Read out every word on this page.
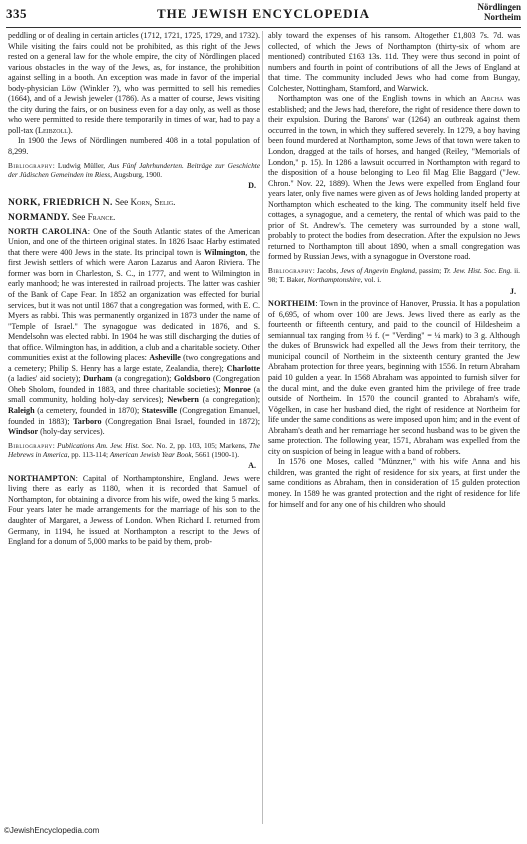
335	THE JEWISH ENCYCLOPEDIA	Nördlingen
Northeim

peddling or of dealing in certain articles (1712, 1721, 1725, 1729, and 1732). While visiting the fairs could not be prohibited, as this right of the Jews rested on a general law for the whole empire, the city of Nördlingen placed various obstacles in the way of the Jews, as, for instance, the prohibition against selling in a booth. An exception was made in favor of the imperial body-physician Löw (Winkler ?), who was permitted to sell his remedies (1664), and of a Jewish jeweler (1786). As a matter of course, Jews visiting the city during the fairs, or on business even for a day only, as well as those who were permitted to reside there temporarily in times of war, had to pay a poll-tax (Leibzoll).

In 1900 the Jews of Nördlingen numbered 408 in a total population of 8,299.

Bibliography: Ludwig Müller, Aus Fünf Jahrhunderten. Beiträge zur Geschichte der Jüdischen Gemeinden im Riess, Augsburg, 1900.

D.

NORK, FRIEDRICH N. See Korn, Selig.

NORMANDY. See France.

NORTH CAROLINA: One of the South Atlantic states of the American Union, and one of the thirteen original states. In 1826 Isaac Harby estimated that there were 400 Jews in the state. Its principal town is Wilmington, the first Jewish settlers of which were Aaron Lazarus and Aaron Riviera. The former was born in Charleston, S. C., in 1777, and went to Wilmington in early manhood; he was interested in railroad projects. The latter was cashier of the Bank of Cape Fear. In 1852 an organization was effected for burial services, but it was not until 1867 that a congregation was formed, with E. C. Myers as rabbi. This was permanently organized in 1873 under the name of "Temple of Israel." The synagogue was dedicated in 1876, and S. Mendelsohn was elected rabbi. In 1904 he was still discharging the duties of that office. Wilmington has, in addition, a club and a charitable society. Other communities exist at the following places: Asheville (two congregations and a cemetery; Philip S. Henry has a large estate, Zealandia, there); Charlotte (a ladies' aid society); Durham (a congregation); Goldsboro (Congregation Oheb Sholom, founded in 1883, and three charitable societies); Monroe (a small community, holding holy-day services); Newbern (a congregation); Raleigh (a cemetery, founded in 1870); Statesville (Congregation Emanuel, founded in 1883); Tarboro (Congregation Bnai Israel, founded in 1872); Windsor (holy-day services).

Bibliography: Publications Am. Jew. Hist. Soc. No. 2, pp. 103, 105; Markens, The Hebrews in America, pp. 113-114; American Jewish Year Book, 5661 (1900-1).

A.

NORTHAMPTON: Capital of Northamptonshire, England. Jews were living there as early as 1180, when it is recorded that Samuel of Northampton, for obtaining a divorce from his wife, owed the king 5 marks. Four years later he made arrangements for the marriage of his son to the daughter of Margaret, a Jewess of London. When Richard I. returned from Germany, in 1194, he issued at Northampton a rescript to the Jews of England for a donum of 5,000 marks to be paid by them, prob-

ably toward the expenses of his ransom. Altogether £1,803 7s. 7d. was collected, of which the Jews of Northampton (thirty-six of whom are mentioned) contributed £163 13s. 11d. They were thus second in point of numbers and fourth in point of contributions of all the Jews of England at that time. The community included Jews who had come from Bungay, Colchester, Nottingham, Stamford, and Warwick.

Northampton was one of the English towns in which an Archa was established; and the Jews had, therefore, the right of residence there down to their expulsion. During the Barons' war (1264) an outbreak against them occurred in the town, in which they suffered severely. In 1279, a boy having been found murdered at Northampton, some Jews of that town were taken to London, dragged at the tails of horses, and hanged (Reiley, "Memorials of London," p. 15). In 1286 a lawsuit occurred in Northampton with regard to the disposition of a house belonging to Leo fil Mag Elie Baggard ("Jew. Chron." Nov. 22, 1889). When the Jews were expelled from England four years later, only five names were given as of Jews holding landed property at Northampton which escheated to the king. The community itself held five cottages, a synagogue, and a cemetery, the rental of which was paid to the prior of St. Andrew's. The cemetery was surrounded by a stone wall, probably to protect the bodies from desecration. After the expulsion no Jews returned to Northampton till about 1890, when a small congregation was formed by Russian Jews, with a synagogue in Overstone road.

Bibliography: Jacobs, Jews of Angevin England, passim; Tr. Jew. Hist. Soc. Eng. ii. 98; T. Baker, Northamptonshire, vol. i.

J.

NORTHEIM: Town in the province of Hanover, Prussia. It has a population of 6,695, of whom over 100 are Jews. Jews lived there as early as the fourteenth or fifteenth century, and paid to the council of Hildesheim a semiannual tax ranging from ½ f. (= "Verding" = ¼ mark) to 3 g. Although the dukes of Brunswick had expelled all the Jews from their territory, the municipal council of Northeim in the sixteenth century granted the Jew Abraham protection for three years, beginning with 1556. In return Abraham paid 10 gulden a year. In 1568 Abraham was appointed to furnish silver for the ducal mint, and the duke even granted him the privilege of free trade outside of Northeim. In 1570 the council granted to Abraham's wife, Vögelken, in case her husband died, the right of residence at Northeim for life under the same conditions as were imposed upon him; and in the event of Abraham's death and her remarriage her second husband was to be given the same protection. The following year, 1571, Abraham was expelled from the city on suspicion of being in league with a band of robbers.

In 1576 one Moses, called "Münzner," with his wife Anna and his children, was granted the right of residence for six years, at first under the same conditions as Abraham, then in consideration of 15 gulden protection money. In 1589 he was granted protection and the right of residence for life for himself and for any one of his children who should

©JewishEncyclopedia.com
